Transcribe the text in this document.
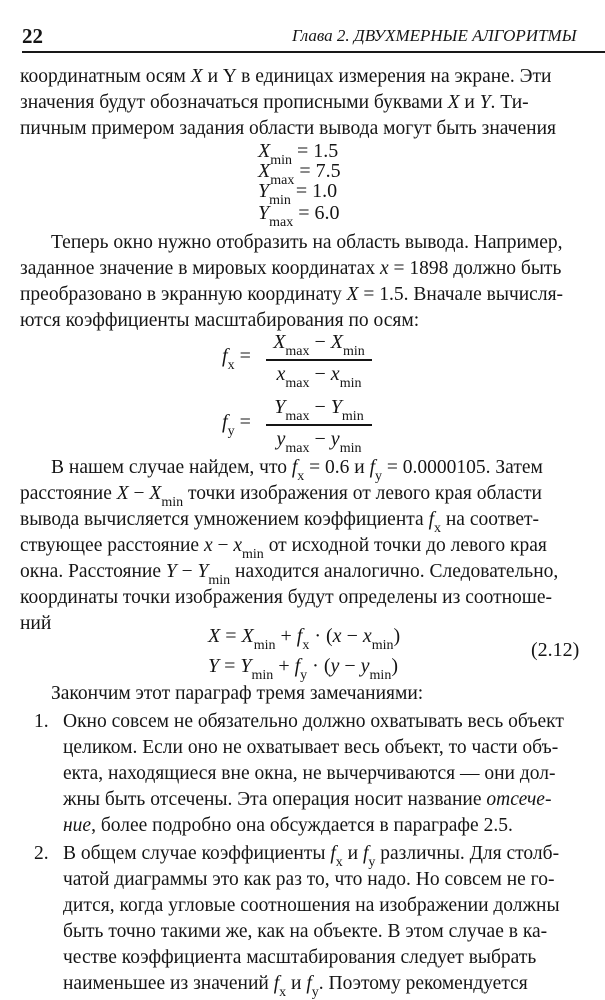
22	Глава 2. ДВУХМЕРНЫЕ АЛГОРИТМЫ
координатным осям X и Y в единицах измерения на экране. Эти
значения будут обозначаться прописными буквами X и Y. Ти-
пичным примером задания области вывода могут быть значения
$X_{min} = 1.5$
$X_{max} = 7.5$
$Y_{min} = 1.0$
$Y_{max} = 6.0$
Теперь окно нужно отобразить на область вывода. Например,
заданное значение в мировых координатах x = 1898 должно быть
преобразовано в экранную координату X = 1.5. Вначале вычисля-
ются коэффициенты масштабирования по осям:
$f_x$ =
$X_{max} - X_{min}$
$x_{max} - x_{min}$
$f_y$ =
$Y_{max} - Y_{min}$
$y_{max} - y_{min}$
В нашем случае найдем, что $f_x = 0.6$ и $f_y = 0.0000105$. Затем
расстояние $X - X_{min}$ точки изображения от левого края области
вывода вычисляется умножением коэффициента $f_x$ на соответ-
ствующее расстояние $x - x_{min}$ от исходной точки до левого края
окна. Расстояние $Y - Y_{min}$ находится аналогично. Следовательно,
координаты точки изображения будут определены из соотноше-
ний
$X = X_{min} + f_x \cdot (x - x_{min})$
$Y = Y_{min} + f_y \cdot (y - y_{min})$
(2.12)
Закончим этот параграф тремя замечаниями:
1. Окно совсем не обязательно должно охватывать весь объект
целиком. Если оно не охватывает весь объект, то части объ-
екта, находящиеся вне окна, не вычерчиваются — они дол-
жны быть отсечены. Эта операция носит название отсече-
ние, более подробно она обсуждается в параграфе 2.5.
2. В общем случае коэффициенты $f_x$ и $f_y$ различны. Для столб-
чатой диаграммы это как раз то, что надо. Но совсем не го-
дится, когда угловые соотношения на изображении должны
быть точно такими же, как на объекте. В этом случае в ка-
честве коэффициента масштабирования следует выбрать
наименьшее из значений $f_x$ и $f_y$. Поэтому рекомендуется
